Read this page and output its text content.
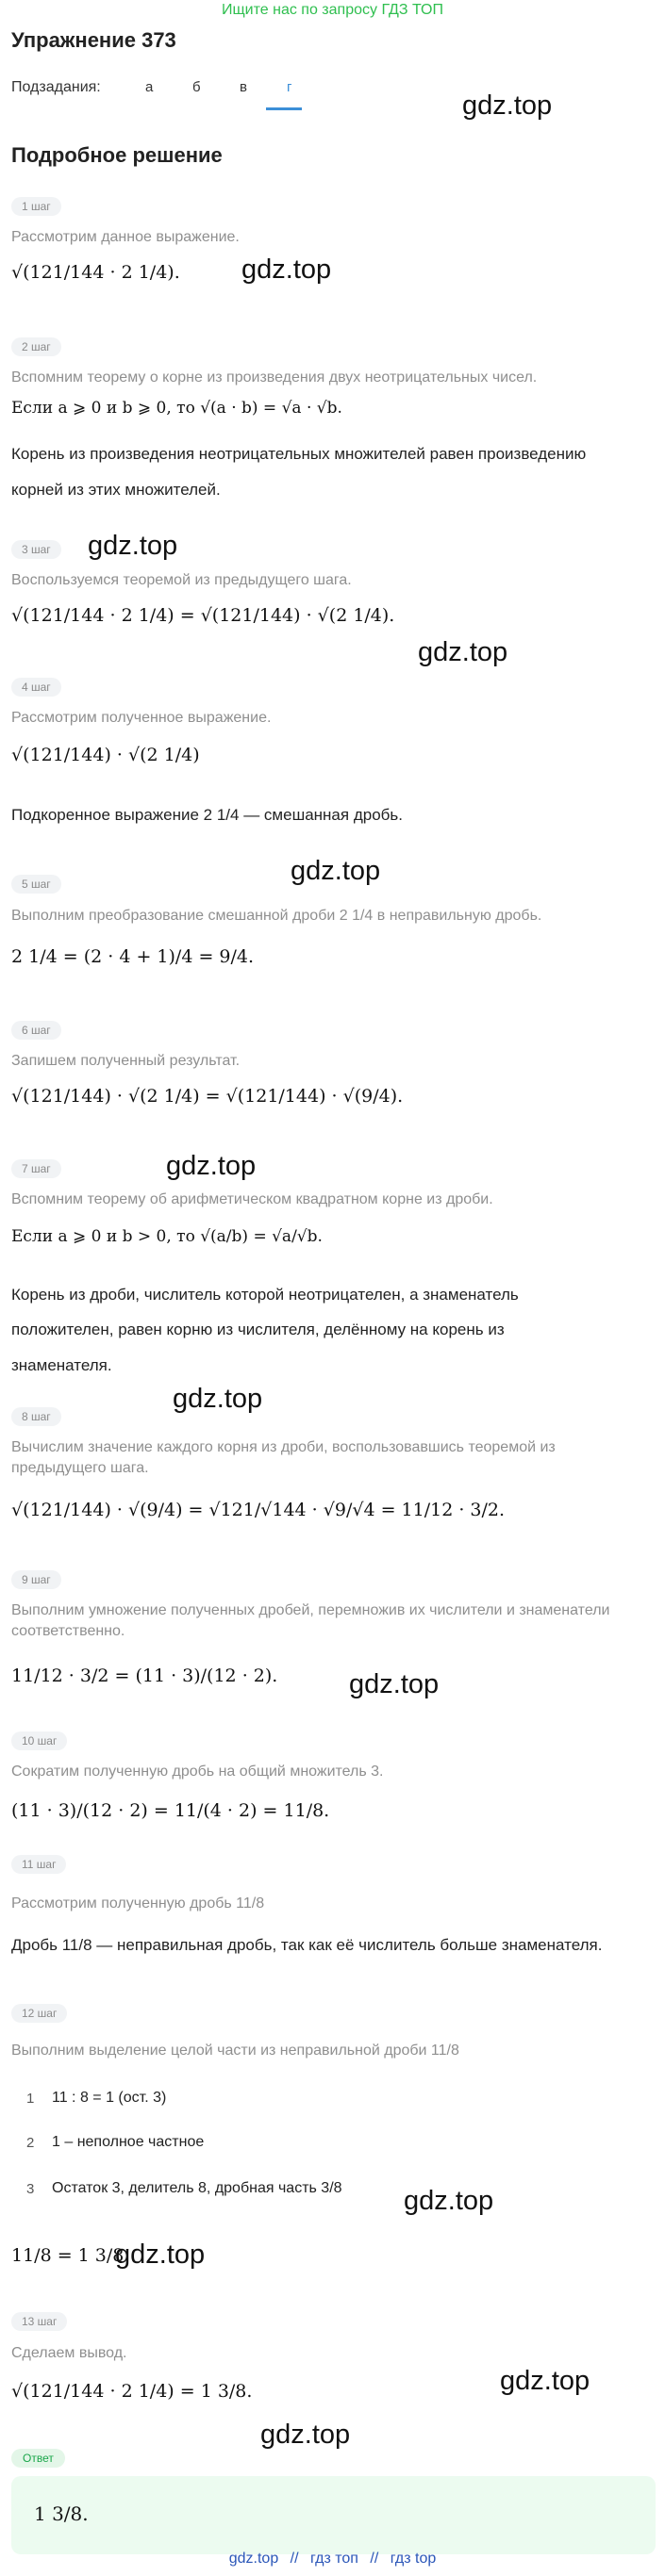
Ищите нас по запросу ГДЗ ТОП
Упражнение 373
Подзадания:	а	б	в	г
Подробное решение
gdz.top
gdz.top
gdz.top
gdz.top
gdz.top
gdz.top
gdz.top
gdz.top
gdz.top
gdz.top
gdz.top
gdz.top
1 шаг
Рассмотрим данное выражение.
√(121/144 · 2 1/4).
2 шаг
Вспомним теорему о корне из произведения двух неотрицательных чисел.
Если a ⩾ 0 и b ⩾ 0, то √(a · b) = √a · √b.
Корень из произведения неотрицательных множителей равен произведению
корней из этих множителей.
3 шаг
Воспользуемся теоремой из предыдущего шага.
√(121/144 · 2 1/4) = √(121/144) · √(2 1/4).
4 шаг
Рассмотрим полученное выражение.
√(121/144) · √(2 1/4)
Подкоренное выражение 2 1/4 — смешанная дробь.
5 шаг
Выполним преобразование смешанной дроби 2 1/4 в неправильную дробь.
2 1/4 = (2 · 4 + 1)/4 = 9/4.
6 шаг
Запишем полученный результат.
√(121/144) · √(2 1/4) = √(121/144) · √(9/4).
7 шаг
Вспомним теорему об арифметическом квадратном корне из дроби.
Если a ⩾ 0 и b > 0, то √(a/b) = √a/√b.
Корень из дроби, числитель которой неотрицателен, а знаменатель
положителен, равен корню из числителя, делённому на корень из
знаменателя.
8 шаг
Вычислим значение каждого корня из дроби, воспользовавшись теоремой из
предыдущего шага.
√(121/144) · √(9/4) = √121/√144 · √9/√4 = 11/12 · 3/2.
9 шаг
Выполним умножение полученных дробей, перемножив их числители и знаменатели
соответственно.
11/12 · 3/2 = (11 · 3)/(12 · 2).
10 шаг
Сократим полученную дробь на общий множитель 3.
(11 · 3)/(12 · 2) = 11/(4 · 2) = 11/8.
11 шаг
Рассмотрим полученную дробь 11/8
Дробь 11/8 — неправильная дробь, так как её числитель больше знаменателя.
12 шаг
Выполним выделение целой части из неправильной дроби 11/8
1 11 : 8 = 1 (ост. 3)
2 1 – неполное частное
3 Остаток 3, делитель 8, дробная часть 3/8
11/8 = 1 3/8
13 шаг
Сделаем вывод.
√(121/144 · 2 1/4) = 1 3/8.
Ответ
1 3/8.
gdz.top // гдз топ // гдз top
